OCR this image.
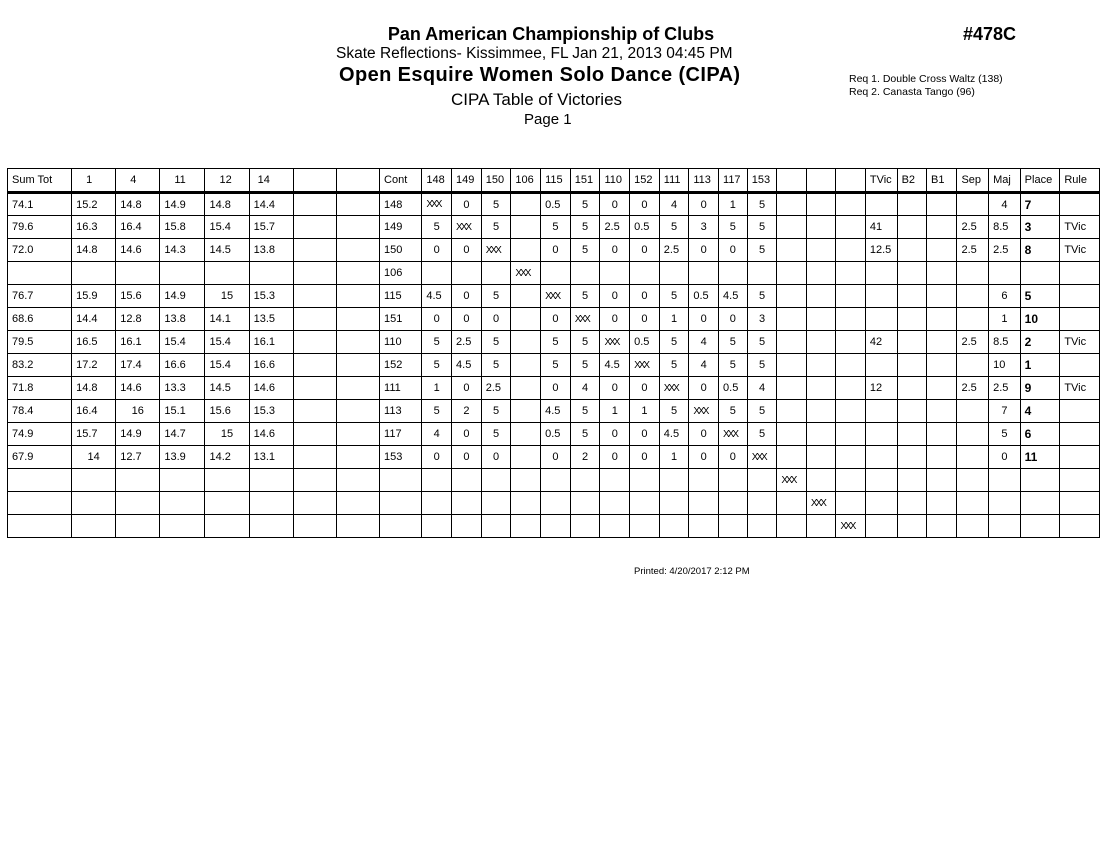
Pan American Championship of Clubs
Skate Reflections- Kissimmee, FL Jan 21, 2013 04:45 PM
Open Esquire Women Solo Dance (CIPA)
CIPA Table of Victories
Page 1
#478C
Req 1. Double Cross Waltz (138)
Req 2. Canasta Tango (96)
Sum Tot	1	4	11	12	14			Cont	148	149	150	106	115	151	110	152	111	113	117	153				TVic	B2	B1	Sep	Maj	Place	Rule
74.1	15.2	14.8	14.9	14.8	14.4			148	XXX	0	5		0.5	5	0	0	4	0	1	5								4	7	
79.6	16.3	16.4	15.8	15.4	15.7			149	5	XXX	5		5	5	2.5	0.5	5	3	5	5				41			2.5	8.5	3	TVic
72.0	14.8	14.6	14.3	14.5	13.8			150	0	0	XXX		0	5	0	0	2.5	0	0	5				12.5			2.5	2.5	8	TVic
								106				XXX																		
76.7	15.9	15.6	14.9	15	15.3			115	4.5	0	5		XXX	5	0	0	5	0.5	4.5	5								6	5	
68.6	14.4	12.8	13.8	14.1	13.5			151	0	0	0		0	XXX	0	0	1	0	0	3								1	10	
79.5	16.5	16.1	15.4	15.4	16.1			110	5	2.5	5		5	5	XXX	0.5	5	4	5	5				42			2.5	8.5	2	TVic
83.2	17.2	17.4	16.6	15.4	16.6			152	5	4.5	5		5	5	4.5	XXX	5	4	5	5								10	1	
71.8	14.8	14.6	13.3	14.5	14.6			111	1	0	2.5		0	4	0	0	XXX	0	0.5	4				12			2.5	2.5	9	TVic
78.4	16.4	16	15.1	15.6	15.3			113	5	2	5		4.5	5	1	1	5	XXX	5	5								7	4	
74.9	15.7	14.9	14.7	15	14.6			117	4	0	5		0.5	5	0	0	4.5	0	XXX	5								5	6	
67.9	14	12.7	13.9	14.2	13.1			153	0	0	0		0	2	0	0	1	0	0	XXX								0	11	
																					XXX									
																						XXX								
																							XXX							
Printed: 4/20/2017 2:12 PM
